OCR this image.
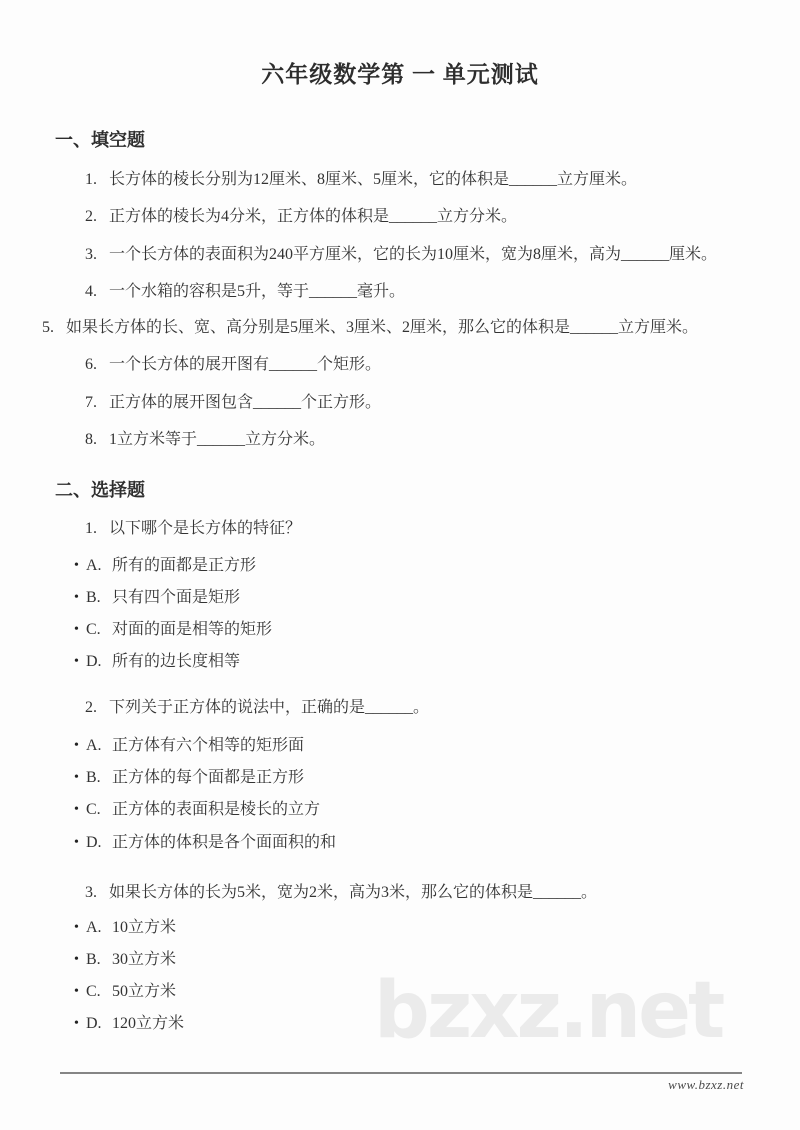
六年级数学第 一 单元测试
一、填空题
1. 长方体的棱长分别为12厘米、8厘米、5厘米，它的体积是______立方厘米。
2. 正方体的棱长为4分米，正方体的体积是______立方分米。
3. 一个长方体的表面积为240平方厘米，它的长为10厘米，宽为8厘米，高为______厘米。
4. 一个水箱的容积是5升，等于______毫升。
5. 如果长方体的长、宽、高分别是5厘米、3厘米、2厘米，那么它的体积是______立方厘米。
6. 一个长方体的展开图有______个矩形。
7. 正方体的展开图包含______个正方形。
8. 1立方米等于______立方分米。
二、选择题
1. 以下哪个是长方体的特征？
• A. 所有的面都是正方形
• B. 只有四个面是矩形
• C. 对面的面是相等的矩形
• D. 所有的边长度相等
2. 下列关于正方体的说法中，正确的是______。
• A. 正方体有六个相等的矩形面
• B. 正方体的每个面都是正方形
• C. 正方体的表面积是棱长的立方
• D. 正方体的体积是各个面面积的和
3. 如果长方体的长为5米，宽为2米，高为3米，那么它的体积是______。
• A. 10立方米
• B. 30立方米
• C. 50立方米
• D. 120立方米 bzxz.net
www.bzxz.net
